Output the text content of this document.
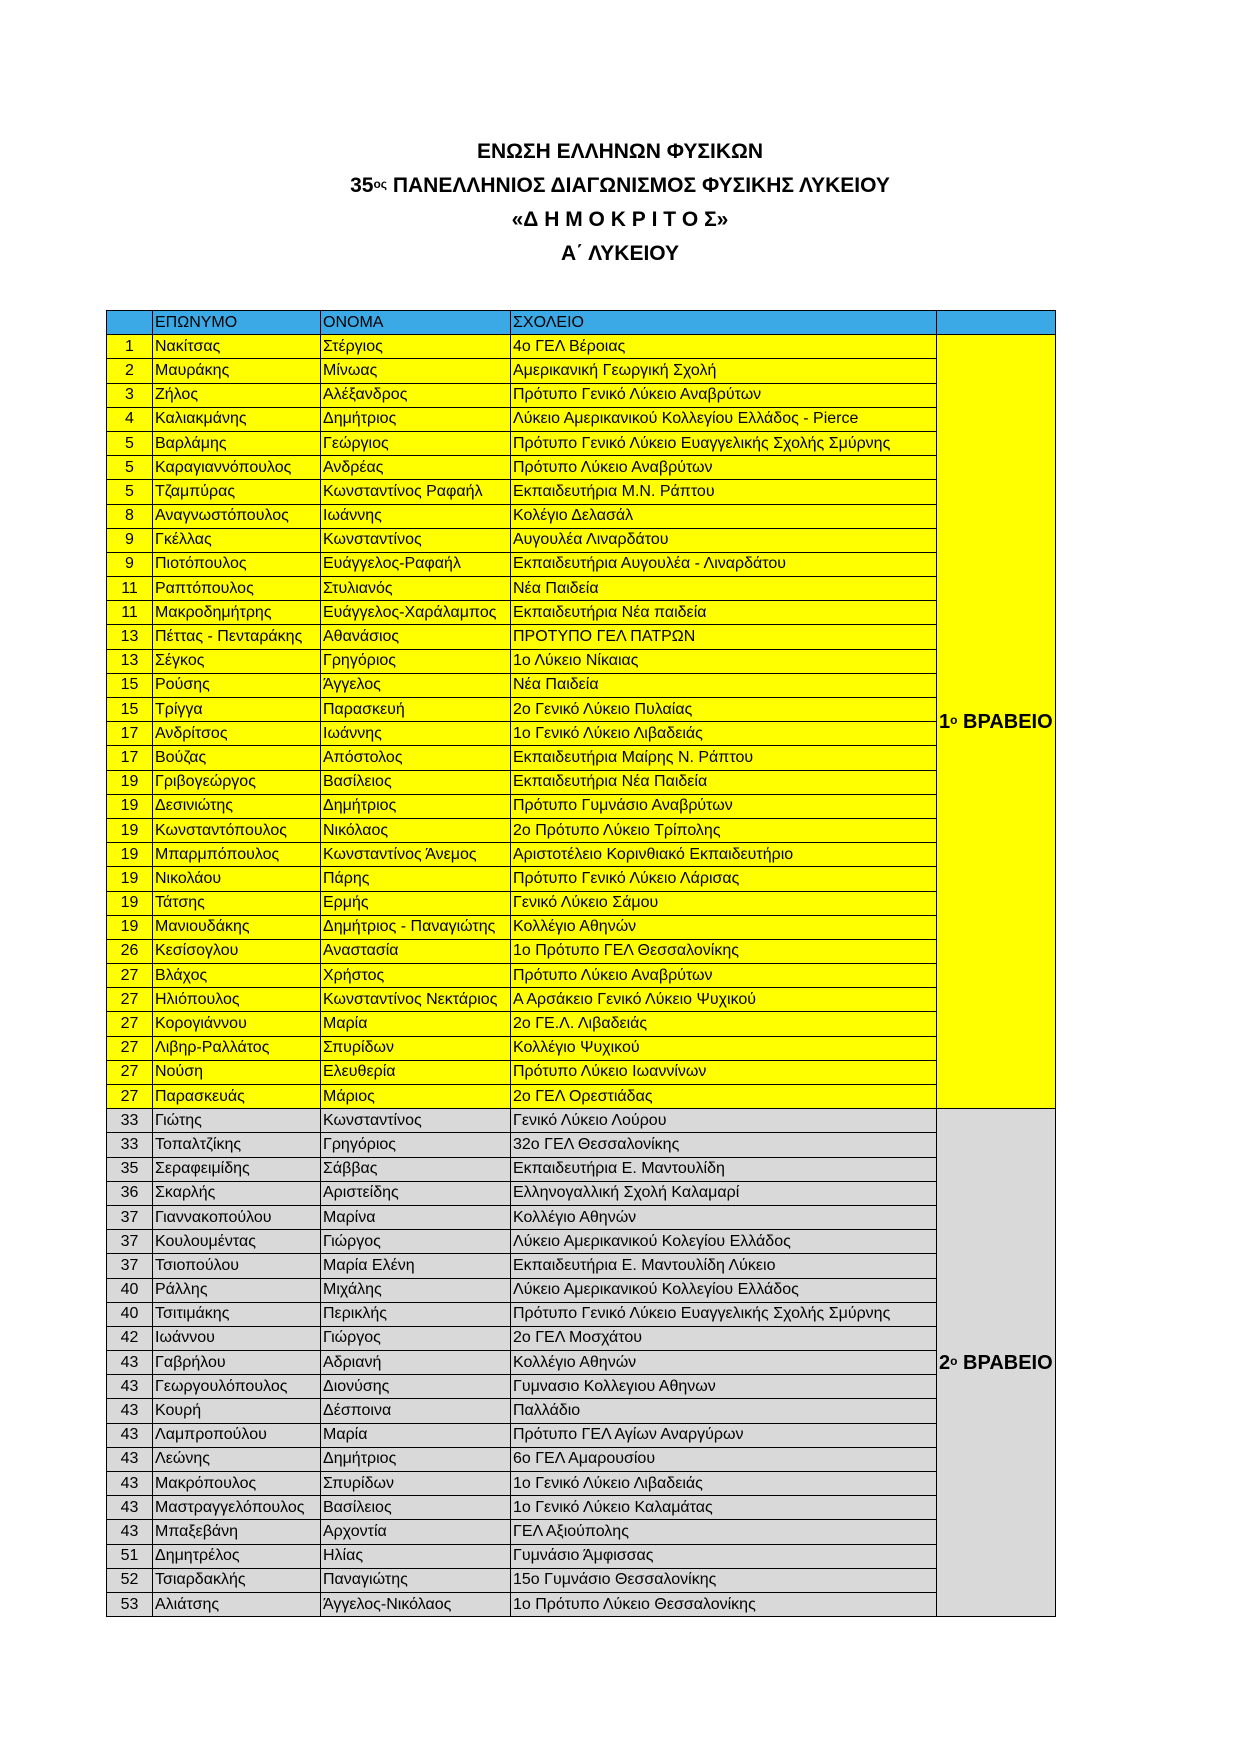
ΕΝΩΣΗ ΕΛΛΗΝΩΝ ΦΥΣΙΚΩΝ
$35^{o\varsigma}$ ΠΑΝΕΛΛΗΝΙΟΣ ΔΙΑΓΩΝΙΣΜΟΣ ΦΥΣΙΚΗΣ ΛΥΚΕΙΟΥ
«Δ Η Μ Ο Κ Ρ Ι Τ Ο Σ»
Α΄ ΛΥΚΕΙΟΥ
	ΕΠΩΝΥΜΟ	ΟΝΟΜΑ	ΣΧΟΛΕΙΟ	
1	Νακίτσας	Στέργιος	4ο ΓΕΛ Βέροιας	$1^o$ ΒΡΑΒΕΙΟ
2	Μαυράκης	Μίνωας	Αμερικανική Γεωργική Σχολή	
3	Ζήλος	Αλέξανδρος	Πρότυπο Γενικό Λύκειο Αναβρύτων	
4	Καλιακμάνης	Δημήτριος	Λύκειο Αμερικανικού Κολλεγίου Ελλάδος - Pierce	
5	Βαρλάμης	Γεώργιος	Πρότυπο Γενικό Λύκειο Ευαγγελικής Σχολής Σμύρνης	
5	Καραγιαννόπουλος	Ανδρέας	Πρότυπο Λύκειο Αναβρύτων	
5	Τζαμπύρας	Κωνσταντίνος Ραφαήλ	Εκπαιδευτήρια Μ.Ν. Ράπτου	
8	Αναγνωστόπουλος	Ιωάννης	Κολέγιο Δελασάλ	
9	Γκέλλας	Κωνσταντίνος	Αυγουλέα Λιναρδάτου	
9	Πιοτόπουλος	Ευάγγελος-Ραφαήλ	Εκπαιδευτήρια Αυγουλέα - Λιναρδάτου	
11	Ραπτόπουλος	Στυλιανός	Νέα Παιδεία	
11	Μακροδημήτρης	Ευάγγελος-Χαράλαμπος	Εκπαιδευτήρια Νέα παιδεία	
13	Πέττας - Πενταράκης	Αθανάσιος	ΠΡΟΤΥΠΟ ΓΕΛ ΠΑΤΡΩΝ	
13	Σέγκος	Γρηγόριος	1ο Λύκειο Νίκαιας	
15	Ρούσης	Άγγελος	Νέα Παιδεία	
15	Τρίγγα	Παρασκευή	2ο Γενικό Λύκειο Πυλαίας	
17	Ανδρίτσος	Ιωάννης	1ο Γενικό Λύκειο Λιβαδειάς	
17	Βούζας	Απόστολος	Εκπαιδευτήρια Μαίρης Ν. Ράπτου	
19	Γριβογεώργος	Βασίλειος	Εκπαιδευτήρια Νέα Παιδεία	
19	Δεσινιώτης	Δημήτριος	Πρότυπο Γυμνάσιο Αναβρύτων	
19	Κωνσταντόπουλος	Νικόλαος	2ο Πρότυπο Λύκειο Τρίπολης	
19	Μπαρμπόπουλος	Κωνσταντίνος Άνεμος	Αριστοτέλειο Κορινθιακό Εκπαιδευτήριο	
19	Νικολάου	Πάρης	Πρότυπο Γενικό Λύκειο Λάρισας	
19	Τάτσης	Ερμής	Γενικό Λύκειο Σάμου	
19	Μανιουδάκης	Δημήτριος - Παναγιώτης	Κολλέγιο Αθηνών	
26	Κεσίσογλου	Αναστασία	1ο Πρότυπο ΓΕΛ Θεσσαλονίκης	
27	Βλάχος	Χρήστος	Πρότυπο Λύκειο Αναβρύτων	
27	Ηλιόπουλος	Κωνσταντίνος Νεκτάριος	Α Αρσάκειο Γενικό Λύκειο Ψυχικού	
27	Κορογιάννου	Μαρία	2ο ΓΕ.Λ. Λιβαδειάς	
27	Λιβηρ-Ραλλάτος	Σπυρίδων	Κολλέγιο Ψυχικού	
27	Νούση	Ελευθερία	Πρότυπο Λύκειο Ιωαννίνων	
27	Παρασκευάς	Μάριος	2ο ΓΕΛ Ορεστιάδας	
33	Γιώτης	Κωνσταντίνος	Γενικό Λύκειο Λούρου	$2^o$ ΒΡΑΒΕΙΟ
33	Τοπαλτζίκης	Γρηγόριος	32ο ΓΕΛ Θεσσαλονίκης	
35	Σεραφειμίδης	Σάββας	Εκπαιδευτήρια Ε. Μαντουλίδη	
36	Σκαρλής	Αριστείδης	Ελληνογαλλική Σχολή Καλαμαρί	
37	Γιαννακοπούλου	Μαρίνα	Κολλέγιο Αθηνών	
37	Κουλουμέντας	Γιώργος	Λύκειο Αμερικανικού Κολεγίου Ελλάδος	
37	Τσιοπούλου	Μαρία Ελένη	Εκπαιδευτήρια Ε. Μαντουλίδη Λύκειο	
40	Ράλλης	Μιχάλης	Λύκειο Αμερικανικού Κολλεγίου Ελλάδος	
40	Τσιτιμάκης	Περικλής	Πρότυπο Γενικό Λύκειο Ευαγγελικής Σχολής Σμύρνης	
42	Ιωάννου	Γιώργος	2ο ΓΕΛ Μοσχάτου	
43	Γαβρήλου	Αδριανή	Κολλέγιο Αθηνών	
43	Γεωργουλόπουλος	Διονύσης	Γυμνασιο Κολλεγιου Αθηνων	
43	Κουρή	Δέσποινα	Παλλάδιο	
43	Λαμπροπούλου	Μαρία	Πρότυπο ΓΕΛ Αγίων Αναργύρων	
43	Λεώνης	Δημήτριος	6ο ΓΕΛ Αμαρουσίου	
43	Μακρόπουλος	Σπυρίδων	1ο Γενικό Λύκειο Λιβαδειάς	
43	Μαστραγγελόπουλος	Βασίλειος	1ο Γενικό Λύκειο Καλαμάτας	
43	Μπαξεβάνη	Αρχοντία	ΓΕΛ Αξιούπολης	
51	Δημητρέλος	Ηλίας	Γυμνάσιο Άμφισσας	
52	Τσιαρδακλής	Παναγιώτης	15ο Γυμνάσιο Θεσσαλονίκης	
53	Αλιάτσης	Άγγελος-Νικόλαος	1ο Πρότυπο Λύκειο Θεσσαλονίκης	
